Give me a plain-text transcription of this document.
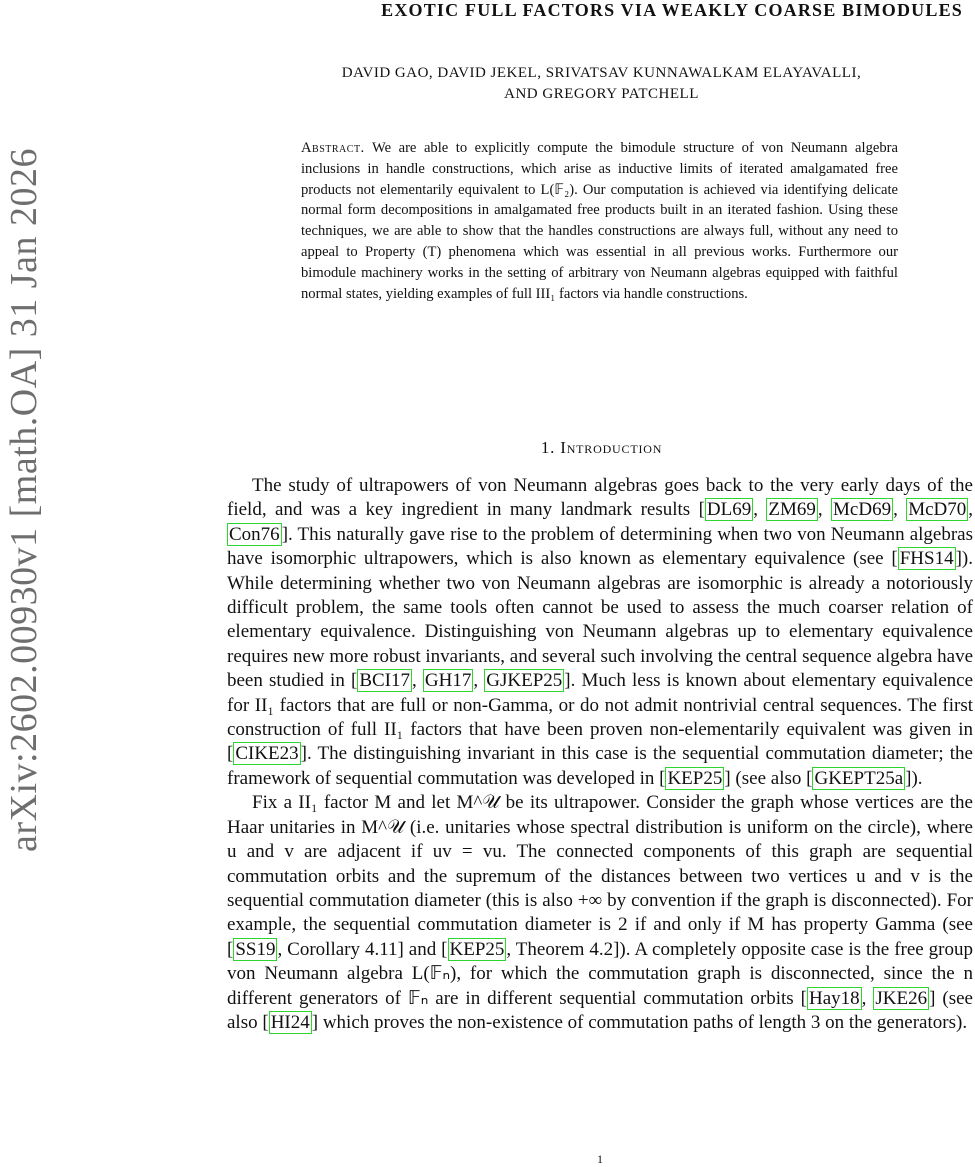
arXiv:2602.00930v1 [math.OA] 31 Jan 2026
EXOTIC FULL FACTORS VIA WEAKLY COARSE BIMODULES
DAVID GAO, DAVID JEKEL, SRIVATSAV KUNNAWALKAM ELAYAVALLI,
AND GREGORY PATCHELL
Abstract. We are able to explicitly compute the bimodule structure of von Neumann algebra inclusions in handle constructions, which arise as inductive limits of iterated amalgamated free products not elementarily equivalent to L(𝔽₂). Our computation is achieved via identifying delicate normal form decompositions in amalgamated free products built in an iterated fashion. Using these techniques, we are able to show that the handles constructions are always full, without any need to appeal to Property (T) phenomena which was essential in all previous works. Furthermore our bimodule machinery works in the setting of arbitrary von Neumann algebras equipped with faithful normal states, yielding examples of full III₁ factors via handle constructions.
1. Introduction

The study of ultrapowers of von Neumann algebras goes back to the very early days of the field, and was a key ingredient in many landmark results [ DL69 , ZM69 , McD69 , McD70 , Con76 ]. This naturally gave rise to the problem of determining when two von Neumann algebras have isomorphic ultrapowers, which is also known as elementary equivalence (see [ FHS14 ]). While determining whether two von Neumann algebras are isomorphic is already a notoriously difficult problem, the same tools often cannot be used to assess the much coarser relation of elementary equivalence. Distinguishing von Neumann algebras up to elementary equivalence requires new more robust invariants, and several such involving the central sequence algebra have been studied in [ BCI17 , GH17 , GJKEP25 ]. Much less is known about elementary equivalence for II₁ factors that are full or non-Gamma, or do not admit nontrivial central sequences. The first construction of full II₁ factors that have been proven non-elementarily equivalent was given in [ CIKE23 ]. The distinguishing invariant in this case is the sequential commutation diameter; the framework of sequential commutation was developed in [ KEP25 ] (see also [ GKEPT25a ]).

Fix a II₁ factor M and let M^𝒰 be its ultrapower. Consider the graph whose vertices are the Haar unitaries in M^𝒰 (i.e. unitaries whose spectral distribution is uniform on the circle), where u and v are adjacent if uv = vu. The connected components of this graph are sequential commutation orbits and the supremum of the distances between two vertices u and v is the sequential commutation diameter (this is also +∞ by convention if the graph is disconnected). For example, the sequential commutation diameter is 2 if and only if M has property Gamma (see [ SS19 , Corollary 4.11] and [ KEP25 , Theorem 4.2]). A completely opposite case is the free group von Neumann algebra L(𝔽ₙ), for which the commutation graph is disconnected, since the n different generators of 𝔽ₙ are in different sequential commutation orbits [ Hay18 , JKE26 ] (see also [ HI24 ] which proves the non-existence of commutation paths of length 3 on the generators).

1
